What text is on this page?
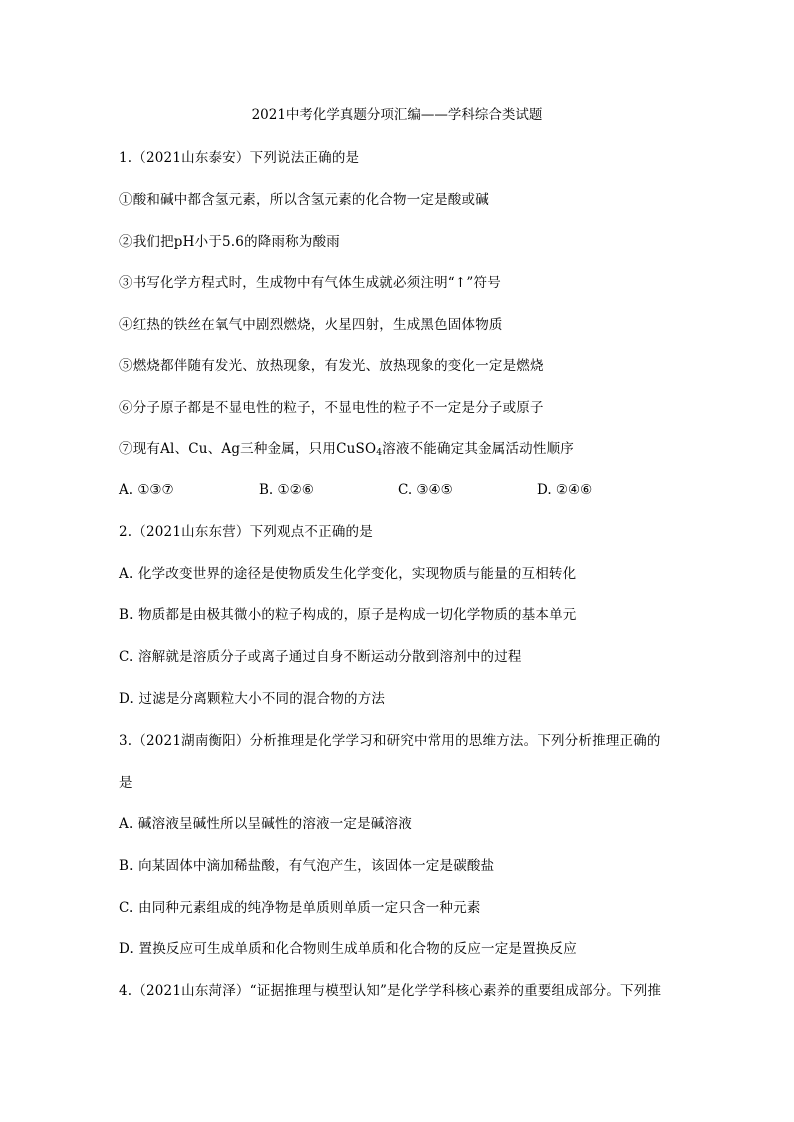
2021中考化学真题分项汇编——学科综合类试题
1.（2021山东泰安）下列说法正确的是
①酸和碱中都含氢元素，所以含氢元素的化合物一定是酸或碱
②我们把pH小于5.6的降雨称为酸雨
③书写化学方程式时，生成物中有气体生成就必须注明“↑”符号
④红热的铁丝在氧气中剧烈燃烧，火星四射，生成黑色固体物质
⑤燃烧都伴随有发光、放热现象，有发光、放热现象的变化一定是燃烧
⑥分子原子都是不显电性的粒子，不显电性的粒子不一定是分子或原子
⑦现有Al、Cu、Ag三种金属，只用CuSO$_4$溶液不能确定其金属活动性顺序
A. ①③⑦	B. ①②⑥	C. ③④⑤	D. ②④⑥
2.（2021山东东营）下列观点不正确的是
A. 化学改变世界的途径是使物质发生化学变化，实现物质与能量的互相转化
B. 物质都是由极其微小的粒子构成的，原子是构成一切化学物质的基本单元
C. 溶解就是溶质分子或离子通过自身不断运动分散到溶剂中的过程
D. 过滤是分离颗粒大小不同的混合物的方法
3.（2021湖南衡阳）分析推理是化学学习和研究中常用的思维方法。下列分析推理正确的
是
A. 碱溶液呈碱性所以呈碱性的溶液一定是碱溶液
B. 向某固体中滴加稀盐酸，有气泡产生，该固体一定是碳酸盐
C. 由同种元素组成的纯净物是单质则单质一定只含一种元素
D. 置换反应可生成单质和化合物则生成单质和化合物的反应一定是置换反应
4.（2021山东菏泽）“证据推理与模型认知”是化学学科核心素养的重要组成部分。下列推
